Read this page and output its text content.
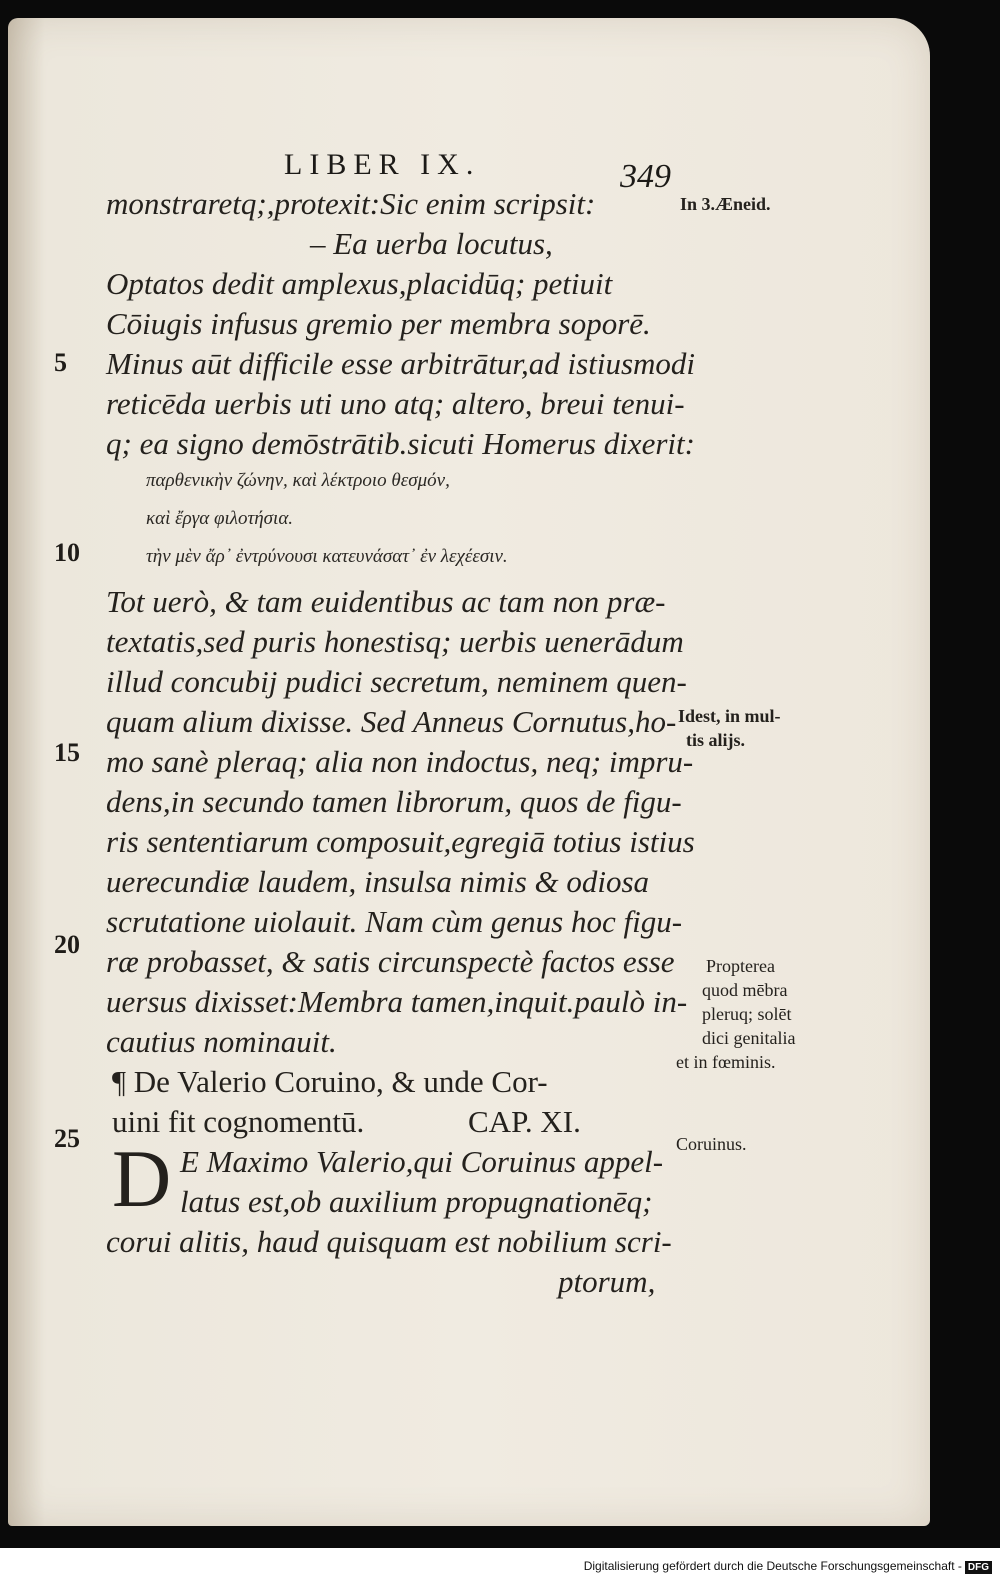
LIBER IX.	349
monstraretq;,protexit:Sic enim scripsit:
– Ea uerba locutus,
Optatos dedit amplexus,placidūq; petiuit
Cōiugis infusus gremio per membra soporē.
Minus aūt difficile esse arbitrātur,ad istiusmodi
reticēda uerbis uti uno atq; altero, breui tenui-
q; ea signo demōstrātib.sicuti Homerus dixerit:
παρθενικὴν ζώνην, καὶ λέκτροιο θεσμόν,
καὶ ἔργα φιλοτήσια.
τὴν μὲν ἄρ᾽ ἐντρύνουσι κατευνάσατ᾽ ἐν λεχέεσιν.
Tot uerò, & tam euidentibus ac tam non præ-
textatis,sed puris honestisq; uerbis uenerādum
illud concubij pudici secretum, neminem quen-
quam alium dixisse. Sed Anneus Cornutus,ho-
mo sanè pleraq; alia non indoctus, neq; impru-
dens,in secundo tamen librorum, quos de figu-
ris sententiarum composuit,egregiā totius istius
uerecundiæ laudem, insulsa nimis & odiosa
scrutatione uiolauit. Nam cùm genus hoc figu-
ræ probasset, & satis circunspectè factos esse
uersus dixisset:Membra tamen,inquit.paulò in-
cautius nominauit.
¶ De Valerio Coruino, & unde Cor-
uini fit cognomentū.	CAP. XI.
D E Maximo Valerio,qui Coruinus appel-
latus est,ob auxilium propugnationēq;
corui alitis, haud quisquam est nobilium scri-
ptorum,
5
10
15
20
25
In 3.Æneid.
Idest, in mul-
tis alijs.
Propterea
quod mēbra
pleruq; solēt
dici genitalia
et in fœminis.
Coruinus.
Digitalisierung gefördert durch die Deutsche Forschungsgemeinschaft - DFG
